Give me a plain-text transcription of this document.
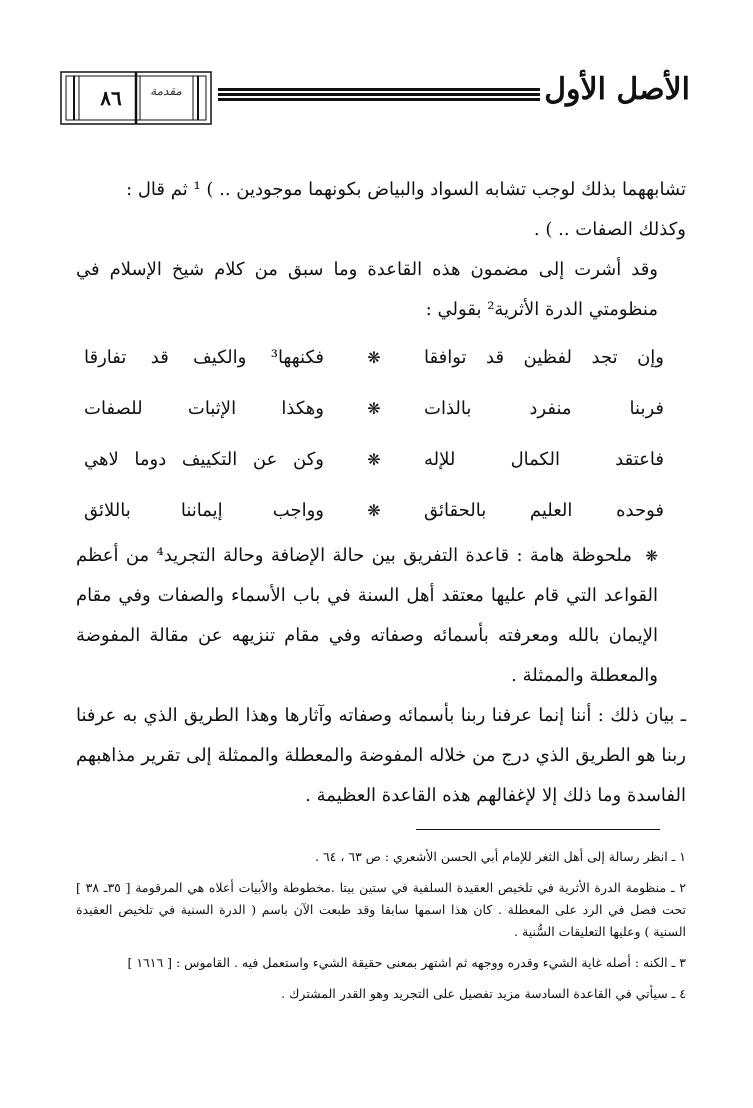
٨٦	مقدمة	الأصل الأول

تشابههما بذلك لوجب تشابه السواد والبياض بكونهما موجودين .. ) ¹ ثم قال :

وكذلك الصفات .. ) .

وقد أشرت إلى مضمون هذه القاعدة وما سبق من كلام شيخ الإسلام في منظومتي الدرة الأثرية² بقولي :

وإن تجد لفظين قد توافقا
❋
فكنهها³ والكيف قد تفارقا
فربنا منفرد بالذات
❋
وهكذا الإثبات للصفات
فاعتقد الكمال للإله
❋
وكن عن التكييف دوما لاهي
فوحده العليم بالحقائق
❋
وواجب إيماننا باللائق

❋ ملحوظة هامة : قاعدة التفريق بين حالة الإضافة وحالة التجريد⁴ من أعظم القواعد التي قام عليها معتقد أهل السنة في باب الأسماء والصفات وفي مقام الإيمان بالله ومعرفته بأسمائه وصفاته وفي مقام تنزيهه عن مقالة المفوضة والمعطلة والممثلة .

ـ بيان ذلك : أننا إنما عرفنا ربنا بأسمائه وصفاته وآثارها وهذا الطريق الذي به عرفنا ربنا هو الطريق الذي درج من خلاله المفوضة والمعطلة والممثلة إلى تقرير مذاهبهم الفاسدة وما ذلك إلا لإغفالهم هذه القاعدة العظيمة .

١ ـ انظر رسالة إلى أهل الثغر للإمام أبي الحسن الأشعري : ص ٦٣ ، ٦٤ .

٢ ـ منظومة الدرة الأثرية في تلخيص العقيدة السلفية في ستين بيتا .مخطوطة والأبيات أعلاه هي المرقومة [ ٣٥ـ ٣٨ ] تحت فصل في الرد على المعطلة . كان هذا اسمها سابقا وقد طبعت الآن باسم ( الدرة السنية في تلخيص العقيدة السنية ) وعليها التعليقات السُّنية .

٣ ـ الكنه : أصله غاية الشيء وقدره ووجهه ثم اشتهر بمعنى حقيقة الشيء واستعمل فيه . القاموس : [ ١٦١٦ ]

٤ ـ سيأتي في القاعدة السادسة مزيد تفصيل على التجريد وهو القدر المشترك .
